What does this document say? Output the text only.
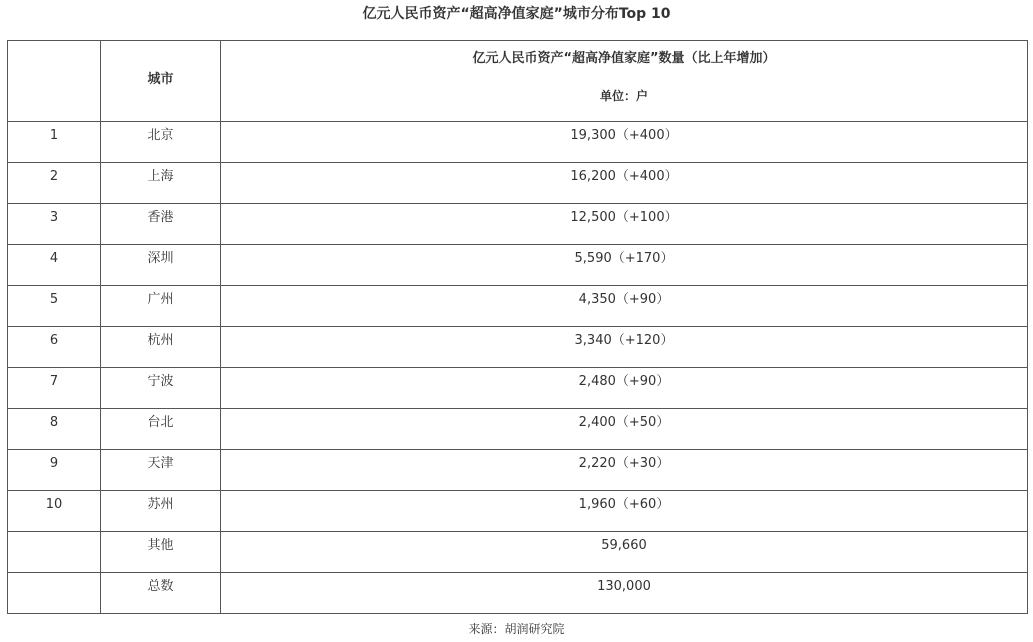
亿元人民币资产“超高净值家庭”城市分布Top 10

	城市	亿元人民币资产“超高净值家庭”数量（比上年增加）
单位：户

1	北京	19,300（+400）

2	上海	16,200（+400）

3	香港	12,500（+100）

4	深圳	5,590（+170）

5	广州	4,350（+90）

6	杭州	3,340（+120）

7	宁波	2,480（+90）

8	台北	2,400（+50）

9	天津	2,220（+30）

10	苏州	1,960（+60）

	其他	59,660

	总数	130,000
来源：胡润研究院
